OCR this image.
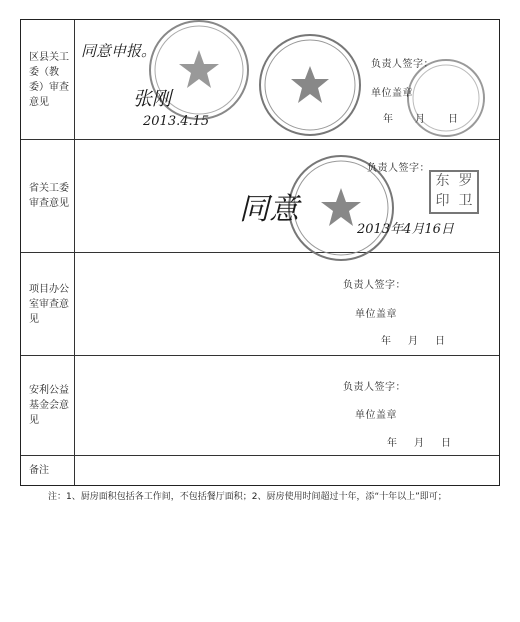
区县关工委（教委）审查意见
同意申报。
张刚
2013.4.15
负责人签字：
单位盖章
年 月 日
省关工委审查意见
东 罗
印 卫
同意
2013年4月16日
负责人签字：
项目办公室审查意见
负责人签字：
单位盖章
年 月 日
安利公益基金会意见
负责人签字：
单位盖章
年 月 日
备注
注：1、厨房面积包括各工作间，不包括餐厅面积；2、厨房使用时间超过十年，添“十年以上”即可；
